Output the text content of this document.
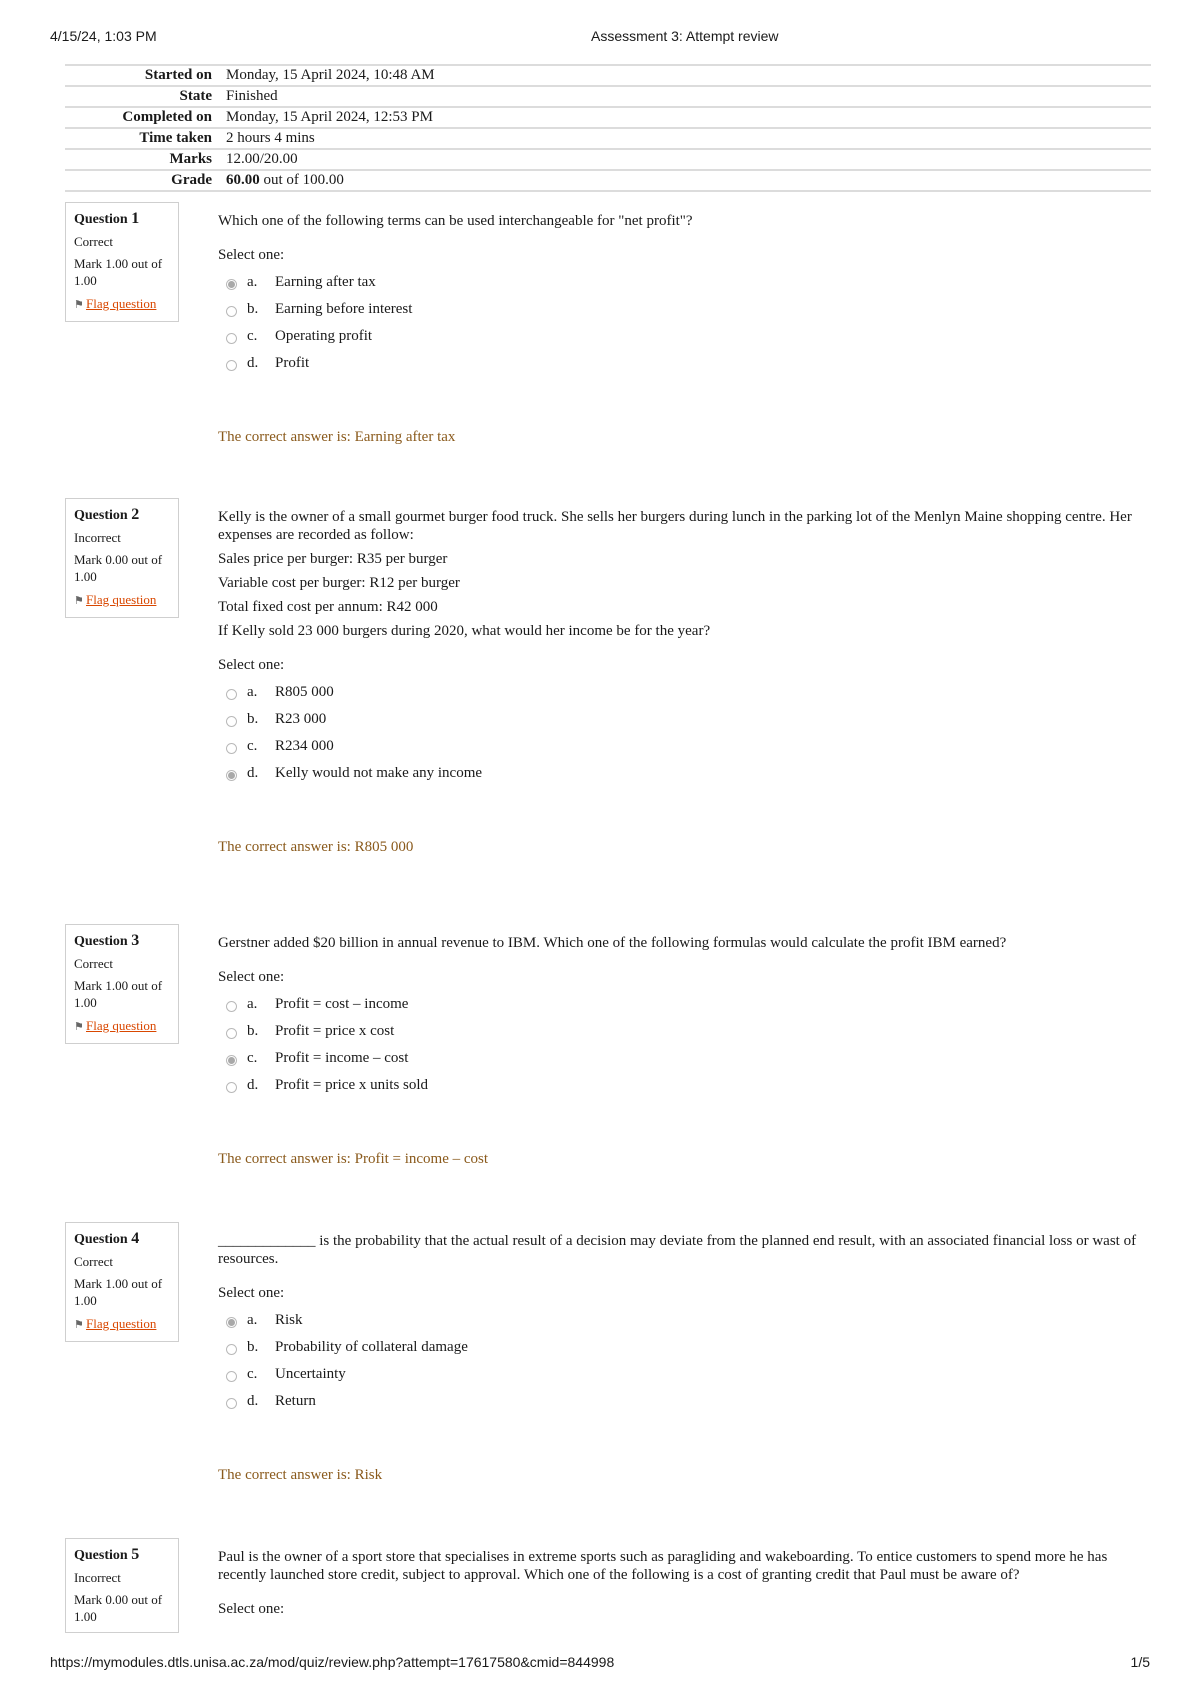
4/15/24, 1:03 PM	Assessment 3: Attempt review
Started on	Monday, 15 April 2024, 10:48 AM
State	Finished
Completed on	Monday, 15 April 2024, 12:53 PM
Time taken	2 hours 4 mins
Marks	12.00/20.00
Grade	60.00 out of 100.00
Question 1
Correct
Mark 1.00 out of 1.00
⚑ Flag question

Which one of the following terms can be used interchangeable for "net profit"?

Select one:
a.	Earning after tax
b.	Earning before interest
c.	Operating profit
d.	Profit
The correct answer is: Earning after tax
Question 2
Incorrect
Mark 0.00 out of 1.00
⚑ Flag question

Kelly is the owner of a small gourmet burger food truck. She sells her burgers during lunch in the parking lot of the Menlyn Maine shopping centre. Her expenses are recorded as follow:

Sales price per burger: R35 per burger

Variable cost per burger: R12 per burger

Total fixed cost per annum: R42 000

If Kelly sold 23 000 burgers during 2020, what would her income be for the year?

Select one:
a.	R805 000
b.	R23 000
c.	R234 000
d.	Kelly would not make any income
The correct answer is: R805 000
Question 3
Correct
Mark 1.00 out of 1.00
⚑ Flag question

Gerstner added $20 billion in annual revenue to IBM. Which one of the following formulas would calculate the profit IBM earned?

Select one:
a.	Profit = cost – income
b.	Profit = price x cost
c.	Profit = income – cost
d.	Profit = price x units sold
The correct answer is: Profit = income – cost
Question 4
Correct
Mark 1.00 out of 1.00
⚑ Flag question

_____________ is the probability that the actual result of a decision may deviate from the planned end result, with an associated financial loss or wast of resources.

Select one:
a.	Risk
b.	Probability of collateral damage
c.	Uncertainty
d.	Return
The correct answer is: Risk
Question 5
Incorrect
Mark 0.00 out of 1.00

Paul is the owner of a sport store that specialises in extreme sports such as paragliding and wakeboarding. To entice customers to spend more he has recently launched store credit, subject to approval. Which one of the following is a cost of granting credit that Paul must be aware of?

Select one:
https://mymodules.dtls.unisa.ac.za/mod/quiz/review.php?attempt=17617580&cmid=844998	1/5
